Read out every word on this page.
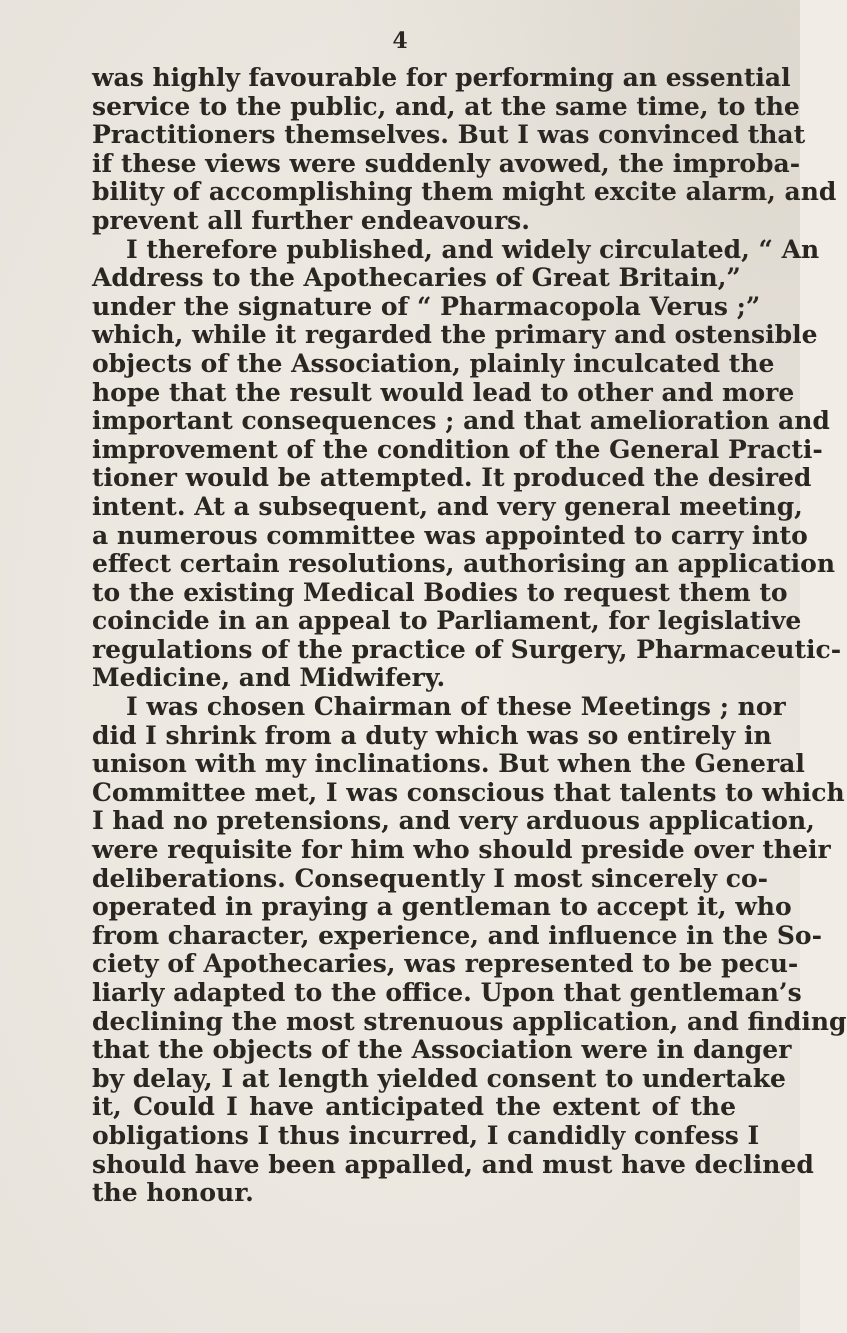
4
was highly favourable for performing an essential
service to the public, and, at the same time, to the
Practitioners themselves. But I was convinced that
if these views were suddenly avowed, the improba-
bility of accomplishing them might excite alarm, and
prevent all further endeavours.
I therefore published, and widely circulated, “ An
Address to the Apothecaries of Great Britain,”
under the signature of “ Pharmacopola Verus ;”
which, while it regarded the primary and ostensible
objects of the Association, plainly inculcated the
hope that the result would lead to other and more
important consequences ; and that amelioration and
improvement of the condition of the General Practi-
tioner would be attempted. It produced the desired
intent. At a subsequent, and very general meeting,
a numerous committee was appointed to carry into
effect certain resolutions, authorising an application
to the existing Medical Bodies to request them to
coincide in an appeal to Parliament, for legislative
regulations of the practice of Surgery, Pharmaceutic-
Medicine, and Midwifery.
I was chosen Chairman of these Meetings ; nor
did I shrink from a duty which was so entirely in
unison with my inclinations. But when the General
Committee met, I was conscious that talents to which
I had no pretensions, and very arduous application,
were requisite for him who should preside over their
deliberations. Consequently I most sincerely co-
operated in praying a gentleman to accept it, who
from character, experience, and influence in the So-
ciety of Apothecaries, was represented to be pecu-
liarly adapted to the office. Upon that gentleman’s
declining the most strenuous application, and finding
that the objects of the Association were in danger
by delay, I at length yielded consent to undertake
it, Could I have anticipated the extent of the
obligations I thus incurred, I candidly confess I
should have been appalled, and must have declined
the honour.
